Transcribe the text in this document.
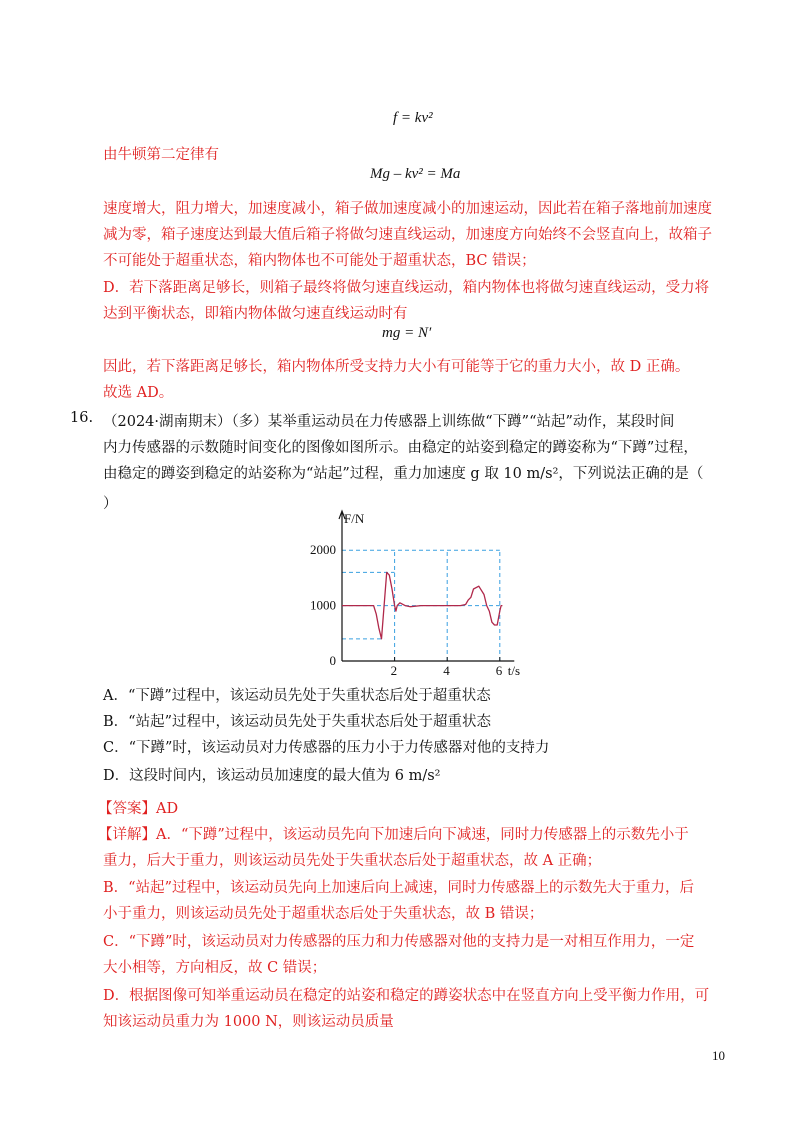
f = kv²
由牛顿第二定律有
Mg – kv² = Ma
速度增大，阻力增大，加速度减小，箱子做加速度减小的加速运动，因此若在箱子落地前加速度
减为零，箱子速度达到最大值后箱子将做匀速直线运动，加速度方向始终不会竖直向上，故箱子
不可能处于超重状态，箱内物体也不可能处于超重状态，BC 错误；
D．若下落距离足够长，则箱子最终将做匀速直线运动，箱内物体也将做匀速直线运动，受力将
达到平衡状态，即箱内物体做匀速直线运动时有
mg = N′
因此，若下落距离足够长，箱内物体所受支持力大小有可能等于它的重力大小，故 D 正确。
故选 AD。
16. （2024·湖南期末）（多）某举重运动员在力传感器上训练做“下蹲”“站起”动作，某段时间
内力传感器的示数随时间变化的图像如图所示。由稳定的站姿到稳定的蹲姿称为“下蹲”过程，
由稳定的蹲姿到稳定的站姿称为“站起”过程，重力加速度 g 取 10 m/s²，下列说法正确的是（
）
2	4	6
0
1000
2000
F/N
t/s
A．“下蹲”过程中，该运动员先处于失重状态后处于超重状态
B．“站起”过程中，该运动员先处于失重状态后处于超重状态
C．“下蹲”时，该运动员对力传感器的压力小于力传感器对他的支持力
D．这段时间内，该运动员加速度的最大值为 6 m/s²
【答案】AD
【详解】A．“下蹲”过程中，该运动员先向下加速后向下减速，同时力传感器上的示数先小于
重力，后大于重力，则该运动员先处于失重状态后处于超重状态，故 A 正确；
B．“站起”过程中，该运动员先向上加速后向上减速，同时力传感器上的示数先大于重力，后
小于重力，则该运动员先处于超重状态后处于失重状态，故 B 错误；
C．“下蹲”时，该运动员对力传感器的压力和力传感器对他的支持力是一对相互作用力，一定
大小相等，方向相反，故 C 错误；
D．根据图像可知举重运动员在稳定的站姿和稳定的蹲姿状态中在竖直方向上受平衡力作用，可
知该运动员重力为 1000 N，则该运动员质量
10
